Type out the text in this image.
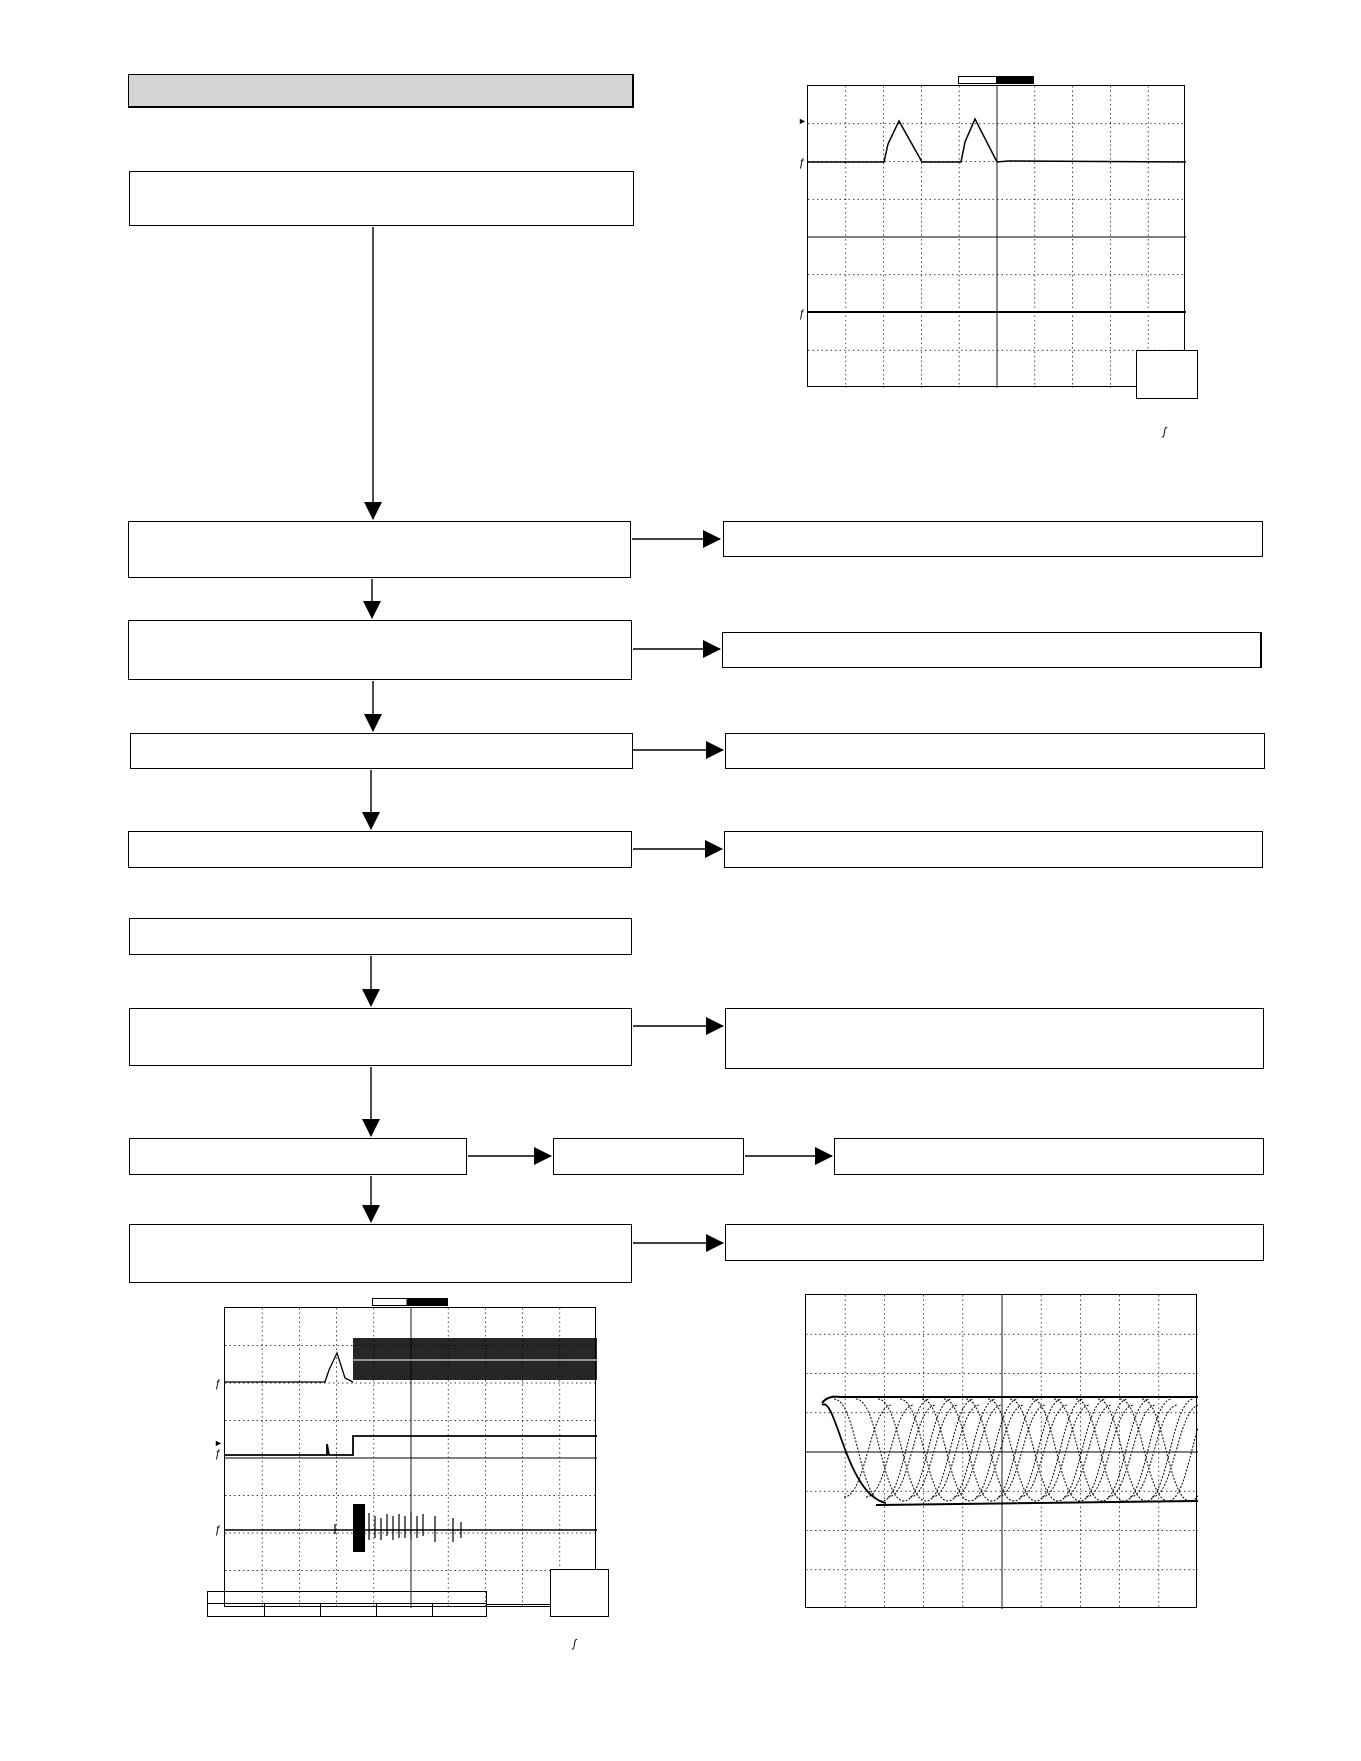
ƒ
ƒ
►
ʃ
ƒ
ƒ
ƒ
►
ʃ
